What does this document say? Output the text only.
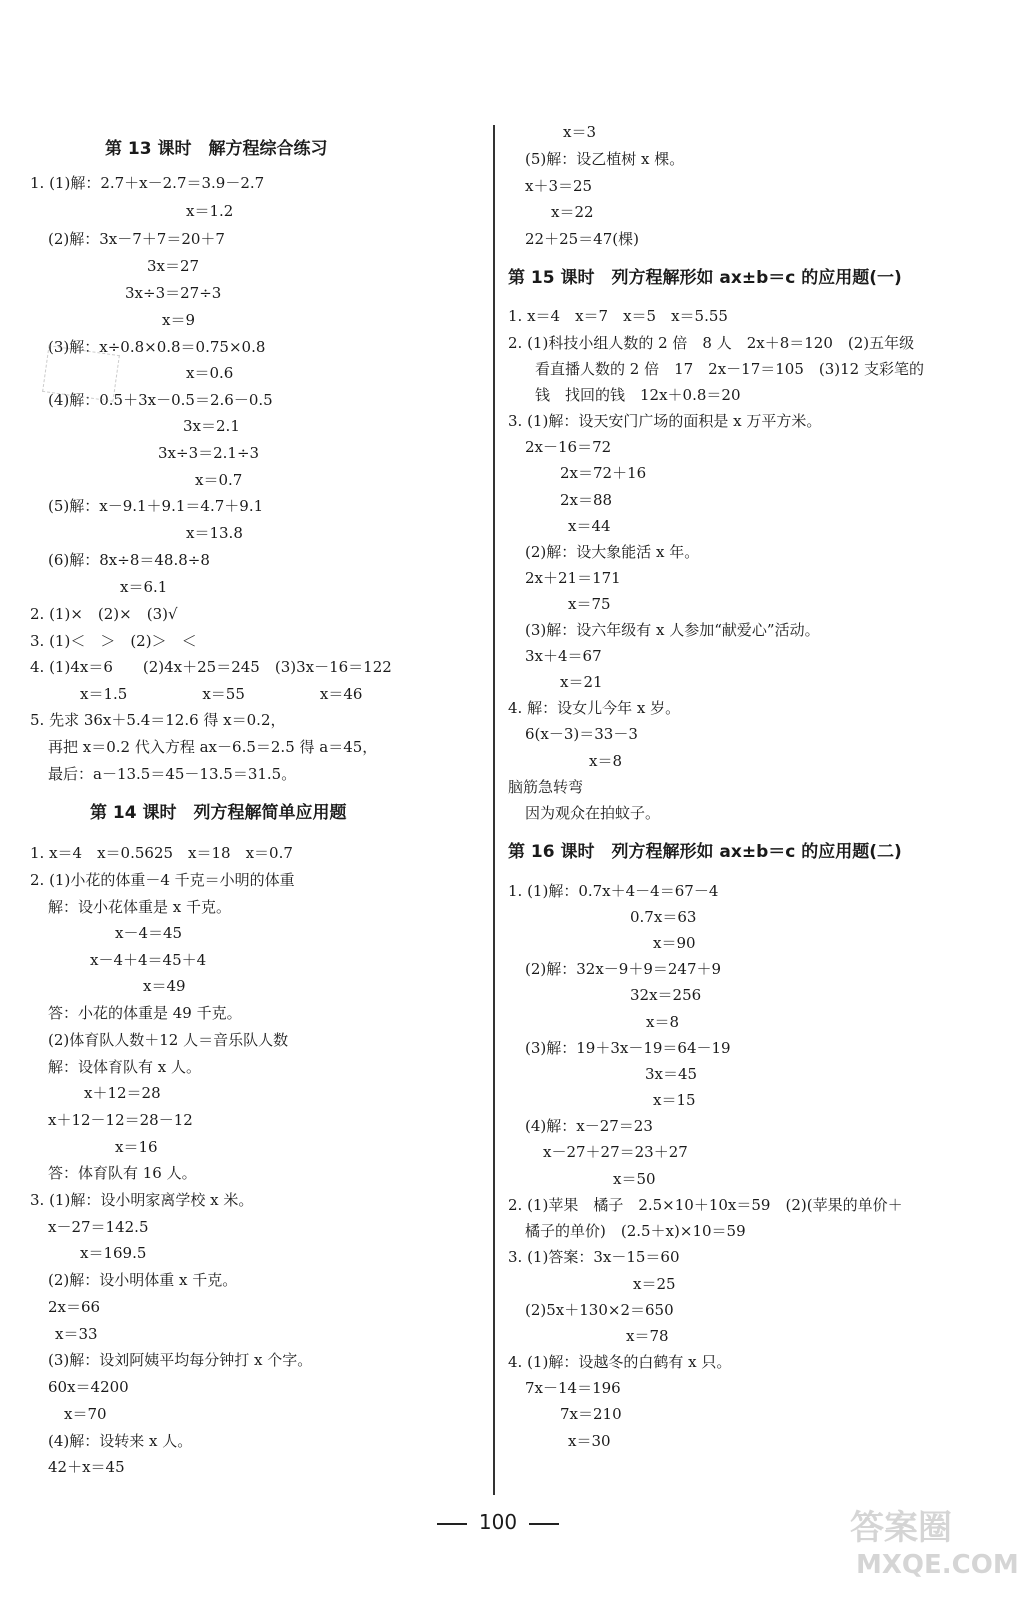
第 13 课时　解方程综合练习
1. (1)解：2.7＋x－2.7＝3.9－2.7
x＝1.2
(2)解：3x－7＋7＝20＋7
3x＝27
3x÷3＝27÷3
x＝9
(3)解：x÷0.8×0.8＝0.75×0.8
x＝0.6
(4)解：0.5＋3x－0.5＝2.6－0.5
3x＝2.1
3x÷3＝2.1÷3
x＝0.7
(5)解：x－9.1＋9.1＝4.7＋9.1
x＝13.8
(6)解：8x÷8＝48.8÷8
x＝6.1
2. (1)×　(2)×　(3)√
3. (1)＜　＞　(2)＞　＜
4. (1)4x＝6　　(2)4x＋25＝245　(3)3x－16＝122
x＝1.5　　　　　x＝55　　　　　x＝46
5. 先求 36x＋5.4＝12.6 得 x＝0.2，
再把 x＝0.2 代入方程 ax－6.5＝2.5 得 a＝45，
最后：a－13.5＝45－13.5＝31.5。
第 14 课时　列方程解简单应用题
1. x＝4　x＝0.5625　x＝18　x＝0.7
2. (1)小花的体重－4 千克＝小明的体重
解：设小花体重是 x 千克。
x－4＝45
x－4＋4＝45＋4
x＝49
答：小花的体重是 49 千克。
(2)体育队人数＋12 人＝音乐队人数
解：设体育队有 x 人。
x＋12＝28
x＋12－12＝28－12
x＝16
答：体育队有 16 人。
3. (1)解：设小明家离学校 x 米。
x－27＝142.5
x＝169.5
(2)解：设小明体重 x 千克。
2x＝66
x＝33
(3)解：设刘阿姨平均每分钟打 x 个字。
60x＝4200
x＝70
(4)解：设转来 x 人。
42＋x＝45
x＝3
(5)解：设乙植树 x 棵。
x＋3＝25
x＝22
22＋25＝47(棵)
第 15 课时　列方程解形如 ax±b＝c 的应用题(一)
1. x＝4　x＝7　x＝5　x＝5.55
2. (1)科技小组人数的 2 倍　8 人　2x＋8＝120　(2)五年级
看直播人数的 2 倍　17　2x－17＝105　(3)12 支彩笔的
钱　找回的钱　12x＋0.8＝20
3. (1)解：设天安门广场的面积是 x 万平方米。
2x－16＝72
2x＝72＋16
2x＝88
x＝44
(2)解：设大象能活 x 年。
2x＋21＝171
x＝75
(3)解：设六年级有 x 人参加“献爱心”活动。
3x＋4＝67
x＝21
4. 解：设女儿今年 x 岁。
6(x－3)＝33－3
x＝8
脑筋急转弯
因为观众在拍蚊子。
第 16 课时　列方程解形如 ax±b＝c 的应用题(二)
1. (1)解：0.7x＋4－4＝67－4
0.7x＝63
x＝90
(2)解：32x－9＋9＝247＋9
32x＝256
x＝8
(3)解：19＋3x－19＝64－19
3x＝45
x＝15
(4)解：x－27＝23
x－27＋27＝23＋27
x＝50
2. (1)苹果　橘子　2.5×10＋10x＝59　(2)(苹果的单价＋
橘子的单价)　(2.5＋x)×10＝59
3. (1)答案：3x－15＝60
x＝25
(2)5x＋130×2＝650
x＝78
4. (1)解：设越冬的白鹤有 x 只。
7x－14＝196
7x＝210
x＝30
100	答案圈
MXQE.COM
